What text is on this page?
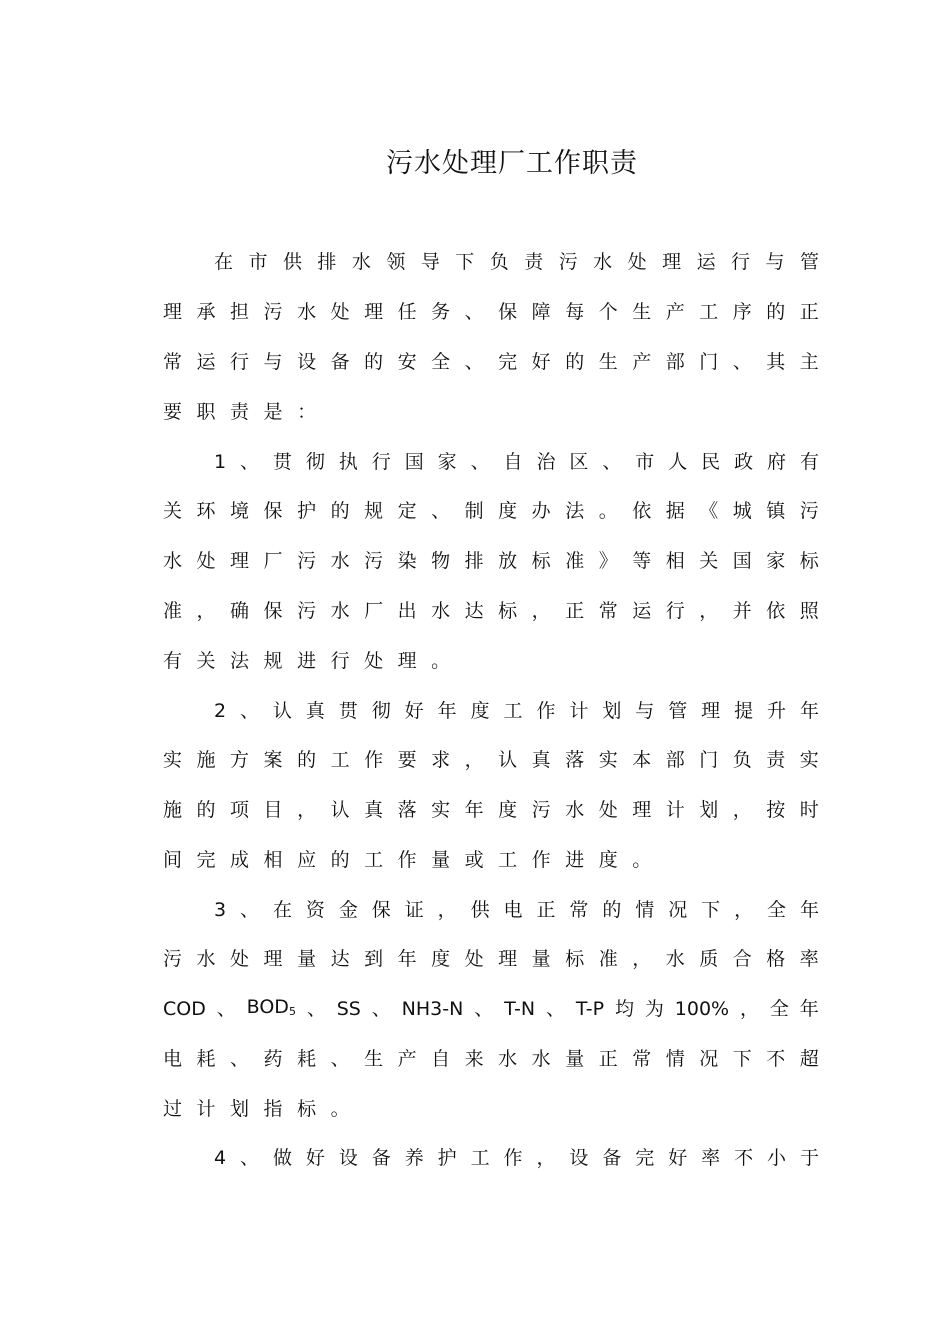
污水处理厂工作职责
在 市 供 排 水 领 导 下 负 责 污 水 处 理 运 行 与 管
理 承 担 污 水 处 理 任 务 、 保 障 每 个 生 产 工 序 的 正
常 运 行 与 设 备 的 安 全 、 完 好 的 生 产 部 门 、 其 主
要 职 责 是 ：
1 、 贯 彻 执 行 国 家 、 自 治 区 、 市 人 民 政 府 有
关 环 境 保 护 的 规 定 、 制 度 办 法 。 依 据 《 城 镇 污
水 处 理 厂 污 水 污 染 物 排 放 标 准 》 等 相 关 国 家 标
准 ， 确 保 污 水 厂 出 水 达 标 ， 正 常 运 行 ， 并 依 照
有 关 法 规 进 行 处 理 。
2 、 认 真 贯 彻 好 年 度 工 作 计 划 与 管 理 提 升 年
实 施 方 案 的 工 作 要 求 ， 认 真 落 实 本 部 门 负 责 实
施 的 项 目 ， 认 真 落 实 年 度 污 水 处 理 计 划 ， 按 时
间 完 成 相 应 的 工 作 量 或 工 作 进 度 。
3 、 在 资 金 保 证 ， 供 电 正 常 的 情 况 下 ， 全 年
污 水 处 理 量 达 到 年 度 处 理 量 标 准 ， 水 质 合 格 率
COD 、 $BOD_5$ 、 SS 、 NH3-N 、 T-N 、 T-P 均 为 100% ， 全 年
电 耗 、 药 耗 、 生 产 自 来 水 水 量 正 常 情 况 下 不 超
过 计 划 指 标 。
4 、 做 好 设 备 养 护 工 作 ， 设 备 完 好 率 不 小 于
